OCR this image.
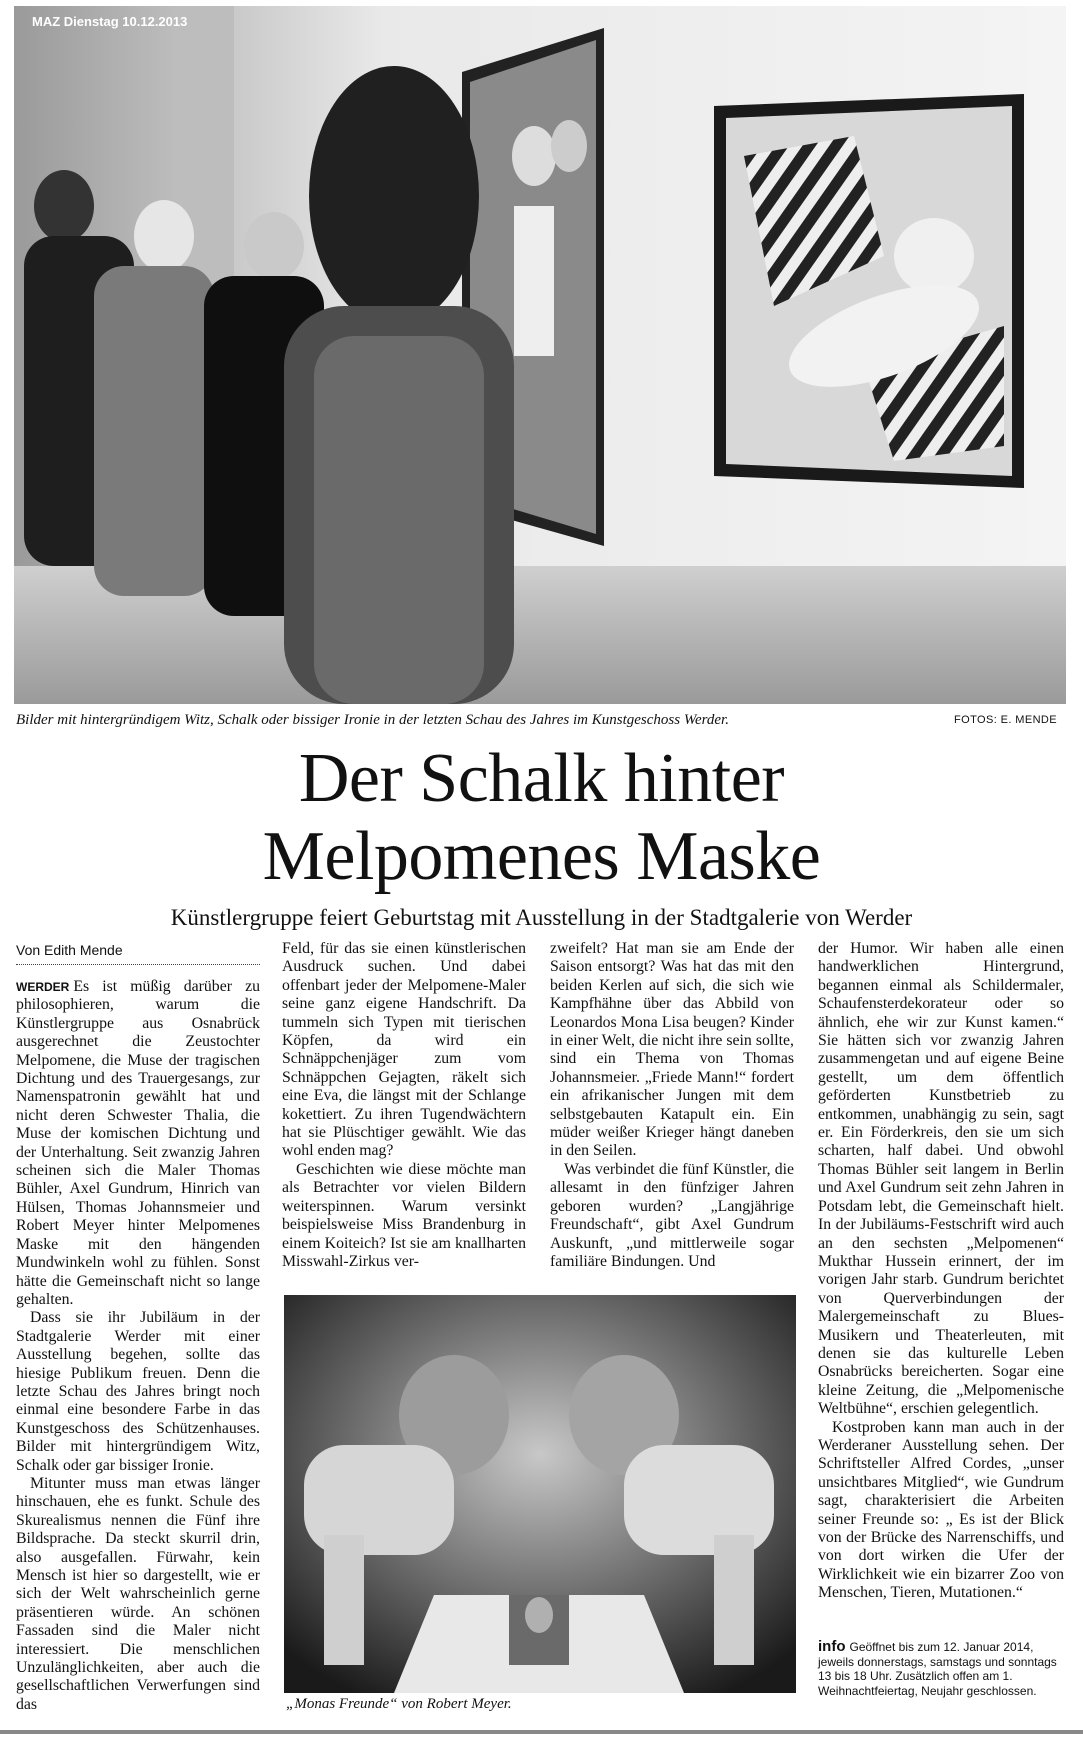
MAZ Dienstag 10.12.2013
Bilder mit hintergründigem Witz, Schalk oder bissiger Ironie in der letzten Schau des Jahres im Kunstgeschoss Werder.	FOTOS: E. MENDE
Der Schalk hinter
Melpomenes Maske
Künstlergruppe feiert Geburtstag mit Ausstellung in der Stadtgalerie von Werder
Von Edith Mende

WERDER Es ist müßig darüber zu philosophieren, warum die Künstlergruppe aus Osnabrück ausgerechnet die Zeustochter Melpomene, die Muse der tragischen Dichtung und des Trauergesangs, zur Namenspatronin gewählt hat und nicht deren Schwester Thalia, die Muse der komischen Dichtung und der Unterhaltung. Seit zwanzig Jahren scheinen sich die Maler Thomas Bühler, Axel Gundrum, Hinrich van Hülsen, Thomas Johannsmeier und Robert Meyer hinter Melpomenes Maske mit den hängenden Mundwinkeln wohl zu fühlen. Sonst hätte die Gemeinschaft nicht so lange gehalten.

Dass sie ihr Jubiläum in der Stadtgalerie Werder mit einer Ausstellung begehen, sollte das hiesige Publikum freuen. Denn die letzte Schau des Jahres bringt noch einmal eine besondere Farbe in das Kunstgeschoss des Schützenhauses. Bilder mit hintergründigem Witz, Schalk oder gar bissiger Ironie.

Mitunter muss man etwas länger hinschauen, ehe es funkt. Schule des Skurealismus nennen die Fünf ihre Bildsprache. Da steckt skurril drin, also ausgefallen. Fürwahr, kein Mensch ist hier so dargestellt, wie er sich der Welt wahrscheinlich gerne präsentieren würde. An schönen Fassaden sind die Maler nicht interessiert. Die menschlichen Unzulänglichkeiten, aber auch die gesellschaftlichen Verwerfungen sind das

Feld, für das sie einen künstlerischen Ausdruck suchen. Und dabei offenbart jeder der Melpomene-Maler seine ganz eigene Handschrift. Da tummeln sich Typen mit tierischen Köpfen, da wird ein Schnäppchenjäger zum vom Schnäppchen Gejagten, räkelt sich eine Eva, die längst mit der Schlange kokettiert. Zu ihren Tugendwächtern hat sie Plüschtiger gewählt. Wie das wohl enden mag?

Geschichten wie diese möchte man als Betrachter vor vielen Bildern weiterspinnen. Warum versinkt beispielsweise Miss Brandenburg in einem Koiteich? Ist sie am knallharten Misswahl-Zirkus ver-

zweifelt? Hat man sie am Ende der Saison entsorgt? Was hat das mit den beiden Kerlen auf sich, die sich wie Kampfhähne über das Abbild von Leonardos Mona Lisa beugen? Kinder in einer Welt, die nicht ihre sein sollte, sind ein Thema von Thomas Johannsmeier. „Friede Mann!“ fordert ein afrikanischer Jungen mit dem selbstgebauten Katapult ein. Ein müder weißer Krieger hängt daneben in den Seilen.

Was verbindet die fünf Künstler, die allesamt in den fünfziger Jahren geboren wurden? „Langjährige Freundschaft“, gibt Axel Gundrum Auskunft, „und mittlerweile sogar familiäre Bindungen. Und

der Humor. Wir haben alle einen handwerklichen Hintergrund, begannen einmal als Schildermaler, Schaufensterdekorateur oder so ähnlich, ehe wir zur Kunst kamen.“ Sie hätten sich vor zwanzig Jahren zusammengetan und auf eigene Beine gestellt, um dem öffentlich geförderten Kunstbetrieb zu entkommen, unabhängig zu sein, sagt er. Ein Förderkreis, den sie um sich scharten, half dabei. Und obwohl Thomas Bühler seit langem in Berlin und Axel Gundrum seit zehn Jahren in Potsdam lebt, die Gemeinschaft hielt. In der Jubiläums-Festschrift wird auch an den sechsten „Melpomenen“ Mukthar Hussein erinnert, der im vorigen Jahr starb. Gundrum berichtet von Querverbindungen der Malergemeinschaft zu Blues-Musikern und Theaterleuten, mit denen sie das kulturelle Leben Osnabrücks bereicherten. Sogar eine kleine Zeitung, die „Melpomenische Weltbühne“, erschien gelegentlich.

Kostproben kann man auch in der Werderaner Ausstellung sehen. Der Schriftsteller Alfred Cordes, „unser unsichtbares Mitglied“, wie Gundrum sagt, charakterisiert die Arbeiten seiner Freunde so: „ Es ist der Blick von der Brücke des Narrenschiffs, und von dort wirken die Ufer der Wirklichkeit wie ein bizarrer Zoo von Menschen, Tieren, Mutationen.“

„Monas Freunde“ von Robert Meyer.
info Geöffnet bis zum 12. Januar 2014, jeweils donnerstags, samstags und sonntags 13 bis 18 Uhr. Zusätzlich offen am 1. Weihnachtfeiertag, Neujahr geschlossen.
